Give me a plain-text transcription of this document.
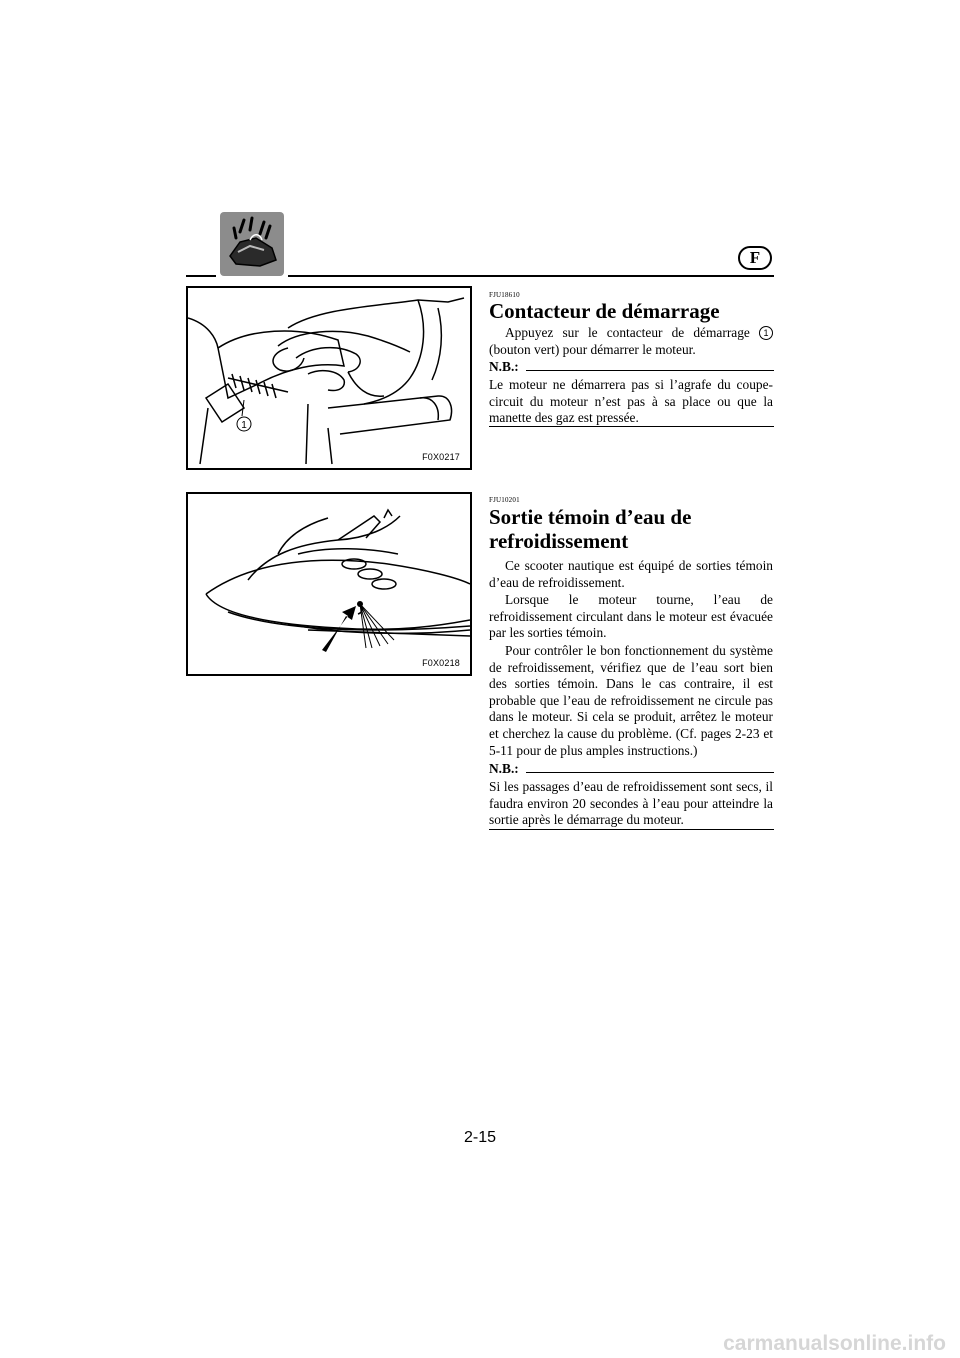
F
1
F0X0217
FJU18610
Contacteur de démarrage

Appuyez sur le contacteur de démarrage 1 (bouton vert) pour démarrer le moteur.

N.B.:

Le moteur ne démarrera pas si l’agrafe du coupe-circuit du moteur n’est pas à sa place ou que la manette des gaz est pressée.

F0X0218
FJU10201
Sortie témoin d’eau de
refroidissement

Ce scooter nautique est équipé de sorties témoin d’eau de refroidissement.

Lorsque le moteur tourne, l’eau de refroidissement circulant dans le moteur est évacuée par les sorties témoin.

Pour contrôler le bon fonctionnement du système de refroidissement, vérifiez que de l’eau sort bien des sorties témoin. Dans le cas contraire, il est probable que l’eau de refroidissement ne circule pas dans le moteur. Si cela se produit, arrêtez le moteur et cherchez la cause du problème. (Cf. pages 2-23 et 5-11 pour de plus amples instructions.)

N.B.:

Si les passages d’eau de refroidissement sont secs, il faudra environ 20 secondes à l’eau pour atteindre la sortie après le démarrage du moteur.

2-15
carmanualsonline.info
